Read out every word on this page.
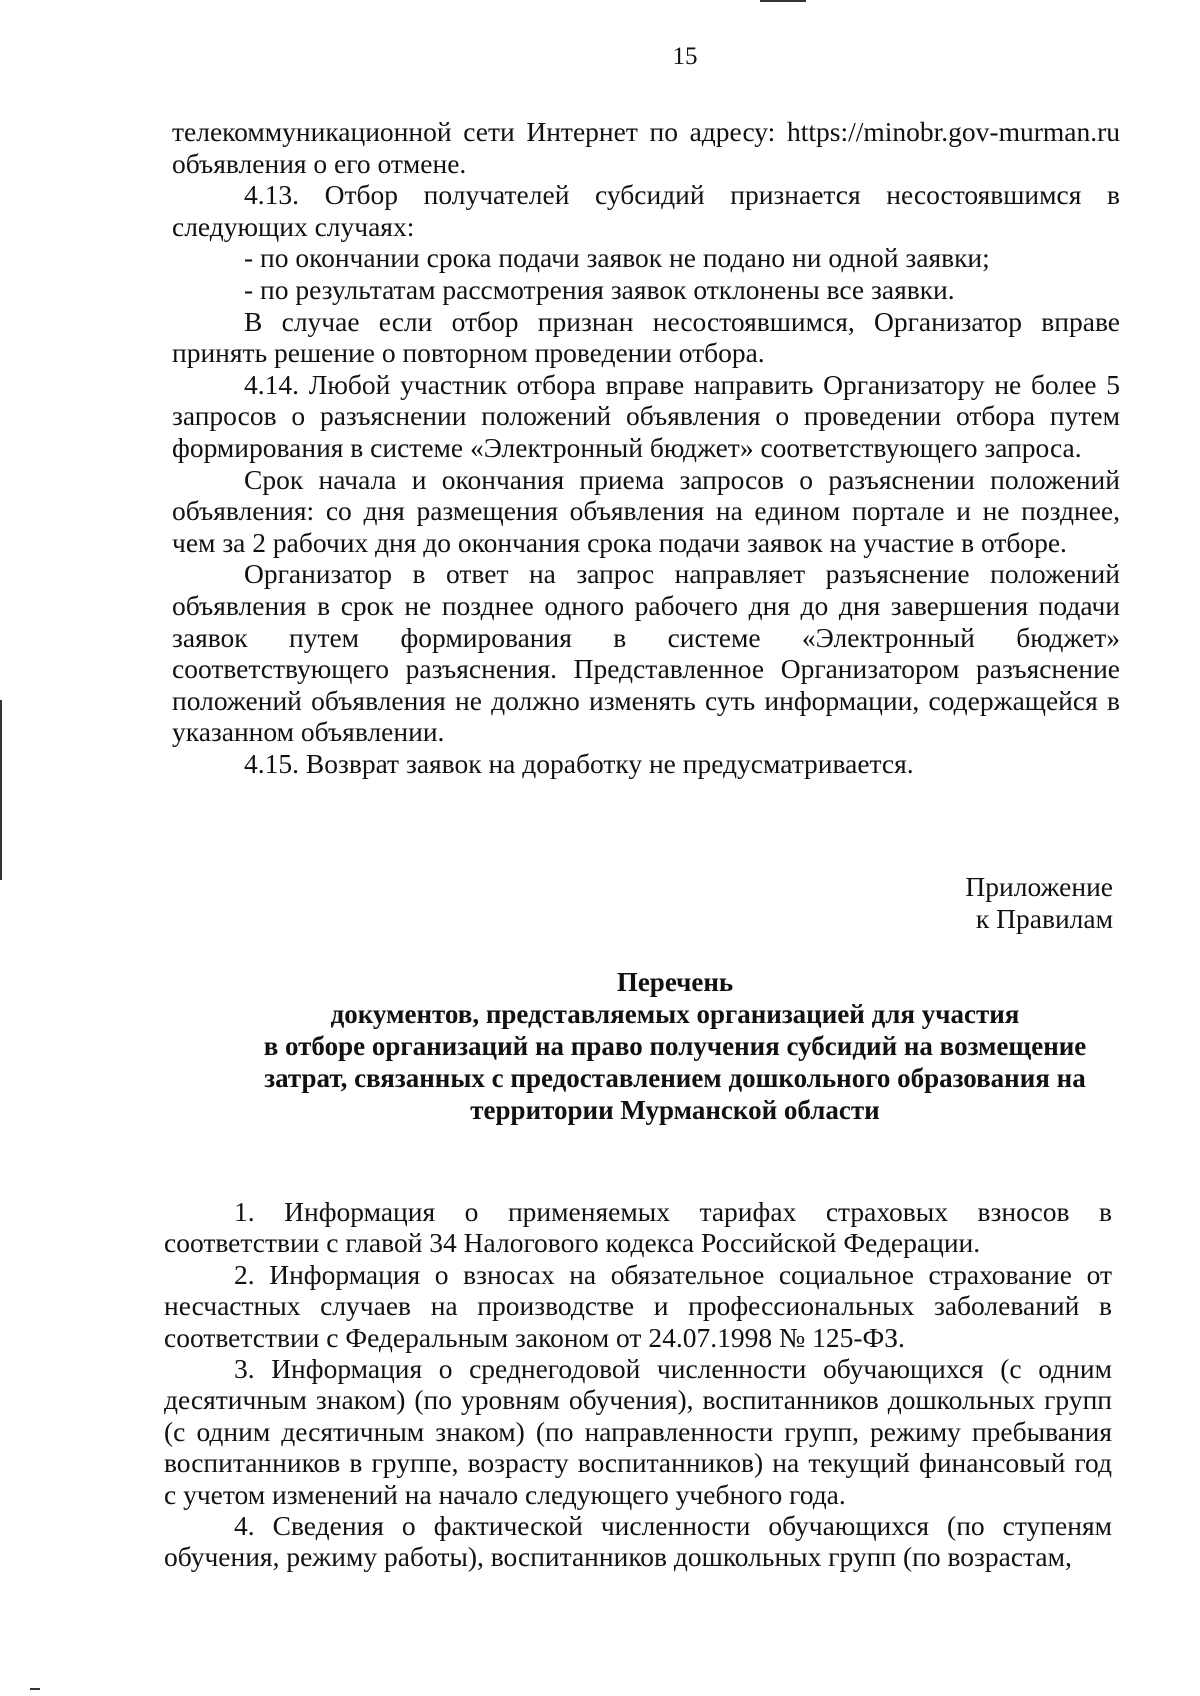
15

телекоммуникационной сети Интернет по адресу: https://minobr.gov-murman.ru объявления о его отмене.

4.13. Отбор получателей субсидий признается несостоявшимся в следующих случаях:

- по окончании срока подачи заявок не подано ни одной заявки;

- по результатам рассмотрения заявок отклонены все заявки.

В случае если отбор признан несостоявшимся, Организатор вправе принять решение о повторном проведении отбора.

4.14. Любой участник отбора вправе направить Организатору не более 5 запросов о разъяснении положений объявления о проведении отбора путем формирования в системе «Электронный бюджет» соответствующего запроса.

Срок начала и окончания приема запросов о разъяснении положений объявления: со дня размещения объявления на едином портале и не позднее, чем за 2 рабочих дня до окончания срока подачи заявок на участие в отборе.

Организатор в ответ на запрос направляет разъяснение положений объявления в срок не позднее одного рабочего дня до дня завершения подачи заявок путем формирования в системе «Электронный бюджет» соответствующего разъяснения. Представленное Организатором разъяснение положений объявления не должно изменять суть информации, содержащейся в указанном объявлении.

4.15. Возврат заявок на доработку не предусматривается.

Приложение
к Правилам
Перечень
документов, представляемых организацией для участия
в отборе организаций на право получения субсидий на возмещение
затрат, связанных с предоставлением дошкольного образования на
территории Мурманской области

1. Информация о применяемых тарифах страховых взносов в соответствии с главой 34 Налогового кодекса Российской Федерации.

2. Информация о взносах на обязательное социальное страхование от несчастных случаев на производстве и профессиональных заболеваний в соответствии с Федеральным законом от 24.07.1998 № 125-ФЗ.

3. Информация о среднегодовой численности обучающихся (с одним десятичным знаком) (по уровням обучения), воспитанников дошкольных групп (с одним десятичным знаком) (по направленности групп, режиму пребывания воспитанников в группе, возрасту воспитанников) на текущий финансовый год с учетом изменений на начало следующего учебного года.

4. Сведения о фактической численности обучающихся (по ступеням обучения, режиму работы), воспитанников дошкольных групп (по возрастам,
